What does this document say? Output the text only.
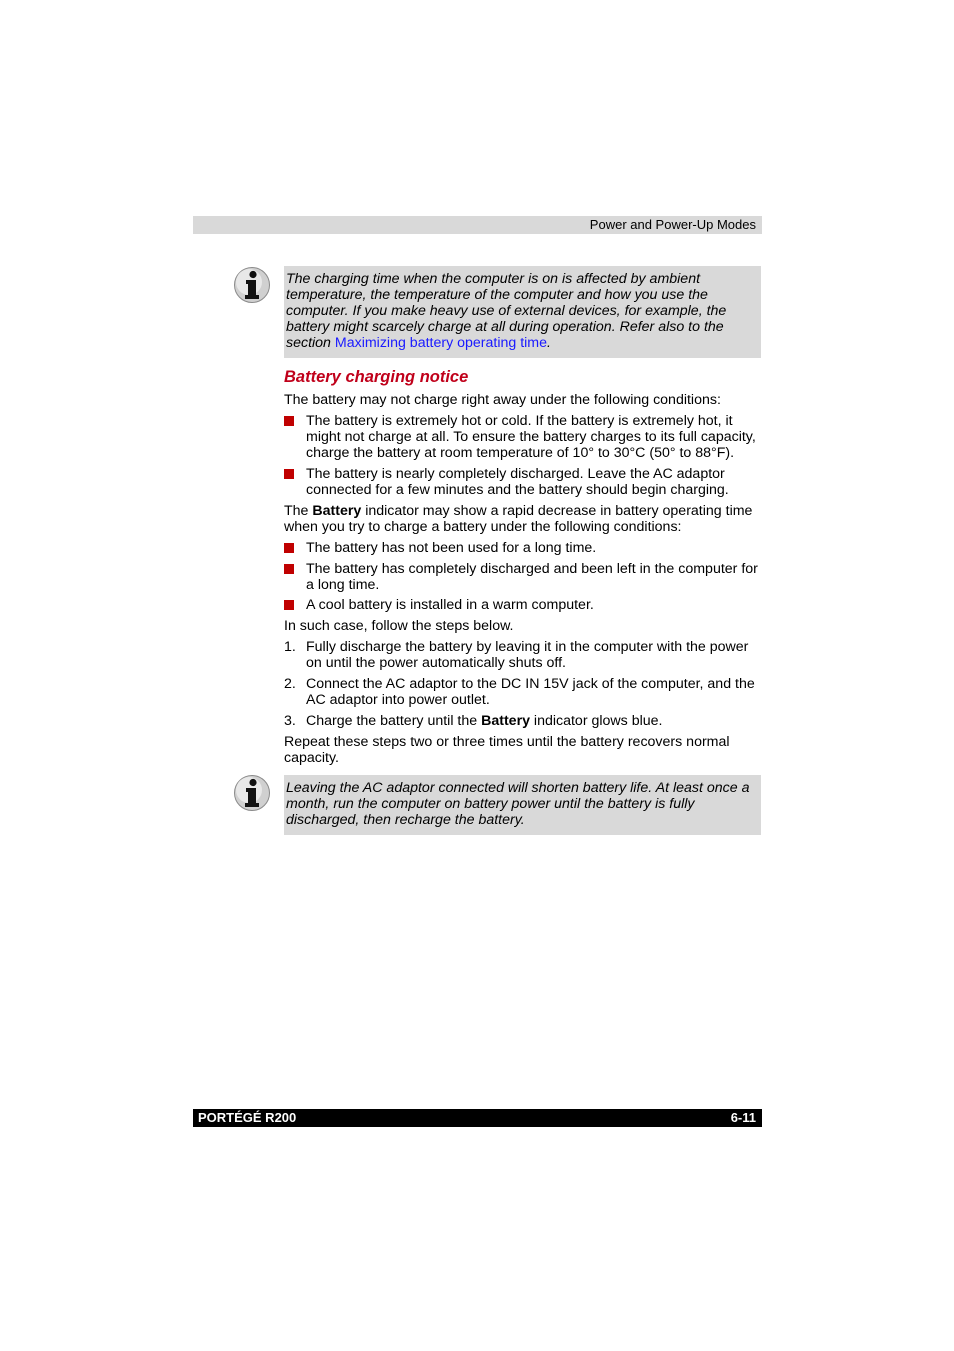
Power and Power-Up Modes
The charging time when the computer is on is affected by ambient temperature, the temperature of the computer and how you use the computer. If you make heavy use of external devices, for example, the battery might scarcely charge at all during operation. Refer also to the section Maximizing battery operating time.
Battery charging notice

The battery may not charge right away under the following conditions:

The battery is extremely hot or cold. If the battery is extremely hot, it might not charge at all. To ensure the battery charges to its full capacity, charge the battery at room temperature of 10° to 30°C (50° to 88°F).
The battery is nearly completely discharged. Leave the AC adaptor connected for a few minutes and the battery should begin charging.

The Battery indicator may show a rapid decrease in battery operating time when you try to charge a battery under the following conditions:

The battery has not been used for a long time.
The battery has completely discharged and been left in the computer for a long time.
A cool battery is installed in a warm computer.

In such case, follow the steps below.

1. Fully discharge the battery by leaving it in the computer with the power on until the power automatically shuts off.
2. Connect the AC adaptor to the DC IN 15V jack of the computer, and the AC adaptor into power outlet.
3. Charge the battery until the Battery indicator glows blue.

Repeat these steps two or three times until the battery recovers normal capacity.

Leaving the AC adaptor connected will shorten battery life. At least once a month, run the computer on battery power until the battery is fully discharged, then recharge the battery.
PORTÉGÉ R200	6-11
